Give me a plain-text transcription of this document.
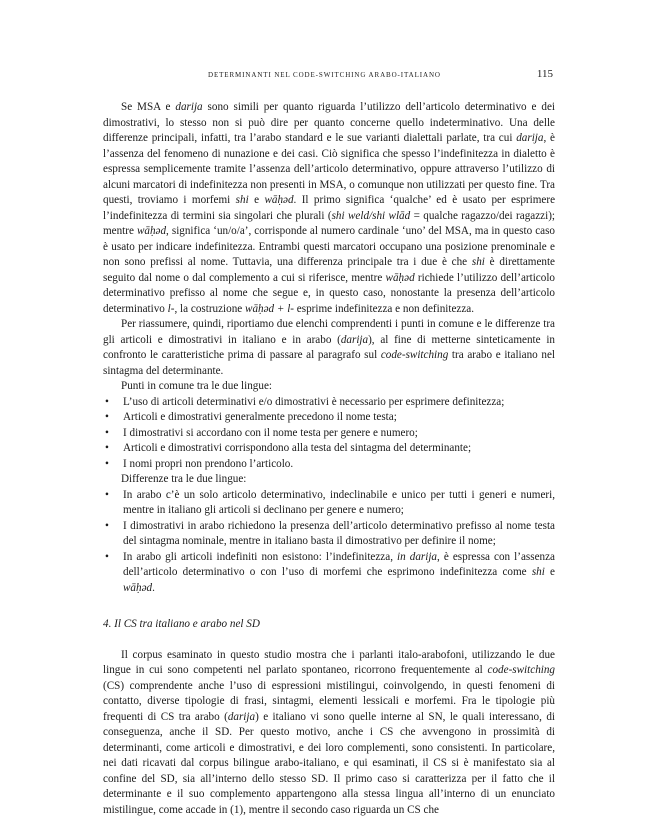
DETERMINANTI NEL CODE-SWITCHING ARABO-ITALIANO	115

Se MSA e darija sono simili per quanto riguarda l’utilizzo dell’articolo determinativo e dei dimostrativi, lo stesso non si può dire per quanto concerne quello indeterminativo. Una delle differenze principali, infatti, tra l’arabo standard e le sue varianti dialettali parlate, tra cui darija, è l’assenza del fenomeno di nunazione e dei casi. Ciò significa che spesso l’indefinitezza in dialetto è espressa semplicemente tramite l’assenza dell’articolo determinativo, oppure attraverso l’utilizzo di alcuni marcatori di indefinitezza non presenti in MSA, o comunque non utilizzati per questo fine. Tra questi, troviamo i morfemi shi e wāḥəd. Il primo significa ‘qualche’ ed è usato per esprimere l’indefinitezza di termini sia singolari che plurali (shi weld/shi wlād = qualche ragazzo/dei ragazzi); mentre wāḥəd, significa ‘un/o/a’, corrisponde al numero cardinale ‘uno’ del MSA, ma in questo caso è usato per indicare indefinitezza. Entrambi questi marcatori occupano una posizione prenominale e non sono prefissi al nome. Tuttavia, una differenza principale tra i due è che shi è direttamente seguito dal nome o dal complemento a cui si riferisce, mentre wāḥəd richiede l’utilizzo dell’articolo determinativo prefisso al nome che segue e, in questo caso, nonostante la presenza dell’articolo determinativo l-, la costruzione wāḥəd + l- esprime indefinitezza e non definitezza.

Per riassumere, quindi, riportiamo due elenchi comprendenti i punti in comune e le differenze tra gli articoli e dimostrativi in italiano e in arabo (darija), al fine di metterne sinteticamente in confronto le caratteristiche prima di passare al paragrafo sul code-switching tra arabo e italiano nel sintagma del determinante.

Punti in comune tra le due lingue:

• L’uso di articoli determinativi e/o dimostrativi è necessario per esprimere definitezza;
• Articoli e dimostrativi generalmente precedono il nome testa;
• I dimostrativi si accordano con il nome testa per genere e numero;
• Articoli e dimostrativi corrispondono alla testa del sintagma del determinante;
• I nomi propri non prendono l’articolo.

Differenze tra le due lingue:

• In arabo c’è un solo articolo determinativo, indeclinabile e unico per tutti i generi e numeri, mentre in italiano gli articoli si declinano per genere e numero;
• I dimostrativi in arabo richiedono la presenza dell’articolo determinativo prefisso al nome testa del sintagma nominale, mentre in italiano basta il dimostrativo per definire il nome;
• In arabo gli articoli indefiniti non esistono: l’indefinitezza, in darija, è espressa con l’assenza dell’articolo determinativo o con l’uso di morfemi che esprimono indefinitezza come shi e wāḥəd.

4. Il CS tra italiano e arabo nel SD

Il corpus esaminato in questo studio mostra che i parlanti italo-arabofoni, utilizzando le due lingue in cui sono competenti nel parlato spontaneo, ricorrono frequentemente al code-switching (CS) comprendente anche l’uso di espressioni mistilingui, coinvolgendo, in questi fenomeni di contatto, diverse tipologie di frasi, sintagmi, elementi lessicali e morfemi. Fra le tipologie più frequenti di CS tra arabo (darija) e italiano vi sono quelle interne al SN, le quali interessano, di conseguenza, anche il SD. Per questo motivo, anche i CS che avvengono in prossimità di determinanti, come articoli e dimostrativi, e dei loro complementi, sono consistenti. In particolare, nei dati ricavati dal corpus bilingue arabo-italiano, e qui esaminati, il CS si è manifestato sia al confine del SD, sia all’interno dello stesso SD. Il primo caso si caratterizza per il fatto che il determinante e il suo complemento appartengono alla stessa lingua all’interno di un enunciato mistilingue, come accade in (1), mentre il secondo caso riguarda un CS che
